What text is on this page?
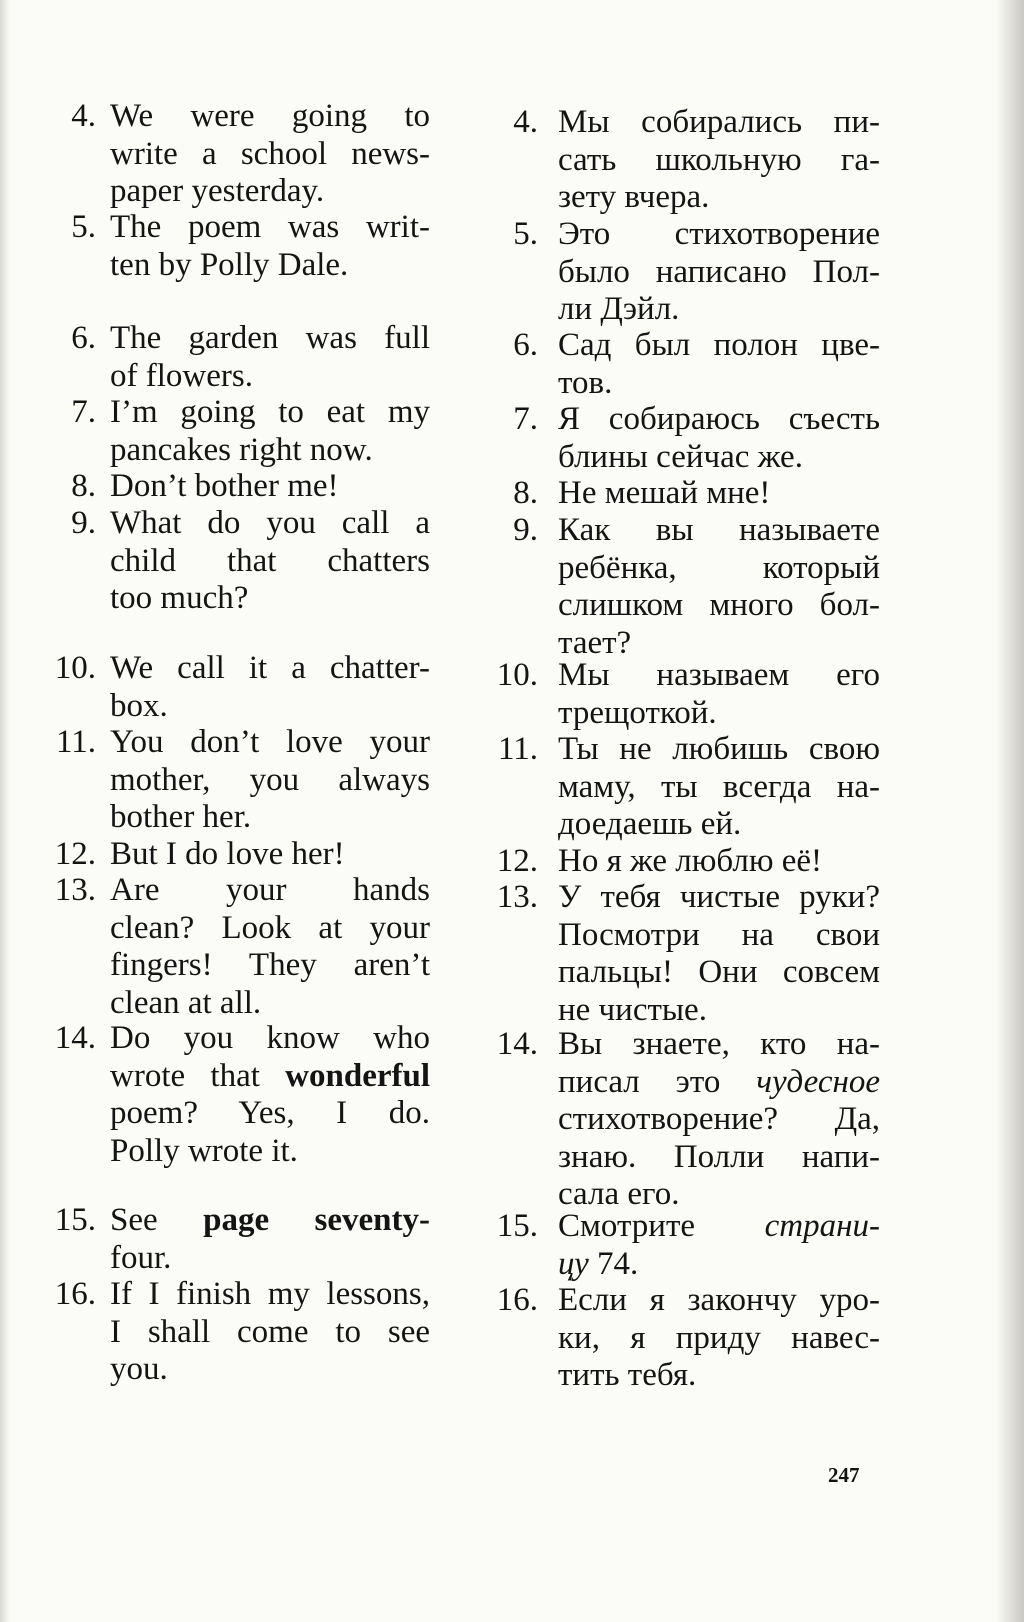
4. We were going to
write a school news-
paper yesterday.
5. The poem was writ-
ten by Polly Dale.
6. The garden was full
of flowers.
7. I’m going to eat my
pancakes right now.
8. Don’t bother me!
9. What do you call a
child that chatters
too much?
10. We call it a chatter-
box.
11. You don’t love your
mother, you always
bother her.
12. But I do love her!
13. Are your hands
clean? Look at your
fingers! They aren’t
clean at all.
14. Do you know who
wrote that wonderful
poem? Yes, I do.
Polly wrote it.
15. See page seventy-
four.
16. If I finish my lessons,
I shall come to see
you.
4. Мы собирались пи-
сать школьную га-
зету вчера.
5. Это стихотворение
было написано Пол-
ли Дэйл.
6. Сад был полон цве-
тов.
7. Я собираюсь съесть
блины сейчас же.
8. Не мешай мне!
9. Как вы называете
ребёнка, который
слишком много бол-
тает?
10. Мы называем его
трещоткой.
11. Ты не любишь свою
маму, ты всегда на-
доедаешь ей.
12. Но я же люблю её!
13. У тебя чистые руки?
Посмотри на свои
пальцы! Они совсем
не чистые.
14. Вы знаете, кто на-
писал это чудесное
стихотворение? Да,
знаю. Полли напи-
сала его.
15. Смотрите страни-
цу 74.
16. Если я закончу уро-
ки, я приду навес-
тить тебя.
247
